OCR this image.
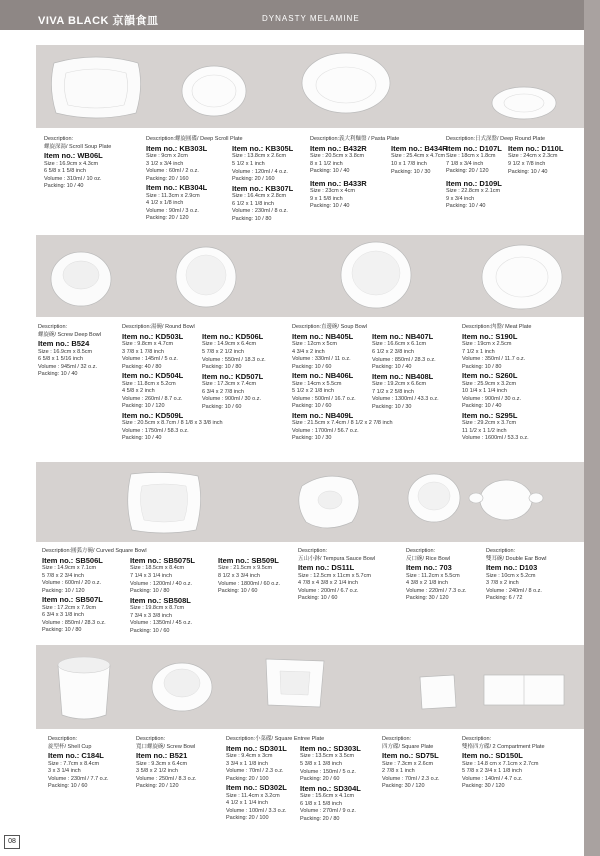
VIVA BLACK 京韻食皿	DYNASTY MELAMINE
Description:
螺旋深湯/ Scroll Soup Plate
Item no.: WB06L
Size : 16.9cm x 4.3cm
6 5/8 x 1 5/8 inch
Volume : 310ml / 10 oz.
Packing: 10 / 40
Description:螺旋圓碟/ Deep Scroll Plate
Item no.: KB303L
Size : 9cm x 2cm
3 1/2 x 3/4 inch
Volume : 60ml / 2 o.z.
Packing: 20 / 160
Item no.: KB304L
Size : 11.3cm x 2.9cm
4 1/2 x 1/8 inch
Volume : 90ml / 3 o.z.
Packing: 20 / 120
Item no.: KB305L
Size : 13.8cm x 2.6cm
5 1/2 x 1 inch
Volume : 120ml / 4 o.z.
Packing: 20 / 160
Item no.: KB307L
Size : 16.4cm x 2.8cm
6 1/2 x 1 1/8 inch
Volume : 230ml / 8 o.z.
Packing: 10 / 80
Description:義大利麵盤 / Pasta Plate
Item no.: B432R
Size : 20.5cm x 3.8cm
8 x 1 1/2 inch
Packing: 10 / 40
Item no.: B433R
Size : 23cm x 4cm
9 x 1 5/8 inch
Packing: 10 / 40
Item no.: B434R
Size : 25.4cm x 4.7cm
10 x 1 7/8 inch
Packing: 10 / 30
Description:日式深盤/ Deep Round Plate
Item no.: D107L
Size : 18cm x 1.8cm
7 1/8 x 3/4 inch
Packing: 20 / 120
Item no.: D109L
Size : 22.8cm x 2.1cm
9 x 3/4 inch
Packing: 10 / 40
Item no.: D110L
Size : 24cm x 2.3cm
9 1/2 x 7/8 inch
Packing: 10 / 40
Description:
螺旋碗/ Screw Deep Bowl
Item no.: B524
Size : 16.9cm x 8.5cm
6 5/8 x 1 5/16 inch
Volume : 945ml / 32 o.z.
Packing: 10 / 40
Description:湯碗/ Round Bowl
Item no.: KD503L
Size : 9.8cm x 4.7cm
3 7/8 x 1 7/8 inch
Volume : 145ml / 5 o.z.
Packing: 40 / 80
Item no.: KD504L
Size : 11.8cm x 5.2cm
4 5/8 x 2 inch
Volume : 260ml / 8.7 o.z.
Packing: 10 / 120
Item no.: KD509L
Size : 20.5cm x 8.7cm / 8 1/8 x 3 3/8 inch
Volume : 1750ml / 58.3 o.z.
Packing: 10 / 40
Item no.: KD506L
Size : 14.9cm x 6.4cm
5 7/8 x 2 1/2 inch
Volume : 550ml / 18.3 o.z.
Packing: 10 / 80
Item no.: KD507L
Size : 17.3cm x 7.4cm
6 3/4 x 2 7/8 inch
Volume : 900ml / 30 o.z.
Packing: 10 / 60
Description:直邊碗/ Soup Bowl
Item no.: NB405L
Size : 12cm x 5cm
4 3/4 x 2 inch
Volume : 330ml / 11 o.z.
Packing: 10 / 60
Item no.: NB406L
Size : 14cm x 5.5cm
5 1/2 x 2 1/8 inch
Volume : 500ml / 16.7 o.z.
Packing: 10 / 60
Item no.: NB409L
Size : 21.5cm x 7.4cm / 8 1/2 x 2 7/8 inch
Volume : 1700ml / 56.7 o.z.
Packing: 10 / 30
Item no.: NB407L
Size : 16.6cm x 6.1cm
6 1/2 x 2 3/8 inch
Volume : 850ml / 28.3 o.z.
Packing: 10 / 40
Item no.: NB408L
Size : 19.2cm x 6.6cm
7 1/2 x 2 5/8 inch
Volume : 1300ml / 43.3 o.z.
Packing: 10 / 30
Description:肉盤/ Meat Plate
Item no.: S190L
Size : 19cm x 2.5cm
7 1/2 x 1 inch
Volume : 350ml / 11.7 o.z.
Packing: 10 / 80
Item no.: S260L
Size : 25.9cm x 3.2cm
10 1/4 x 1 1/4 inch
Volume : 900ml / 30 o.z.
Packing: 10 / 40
Item no.: S295L
Size : 29.2cm x 3.7cm
11 1/2 x 1 1/2 inch
Volume : 1600ml / 53.3 o.z.
Description:圓弧方碗/ Curved Square Bowl
Item no.: SB506L
Size : 14.9cm x 7.1cm
5 7/8 x 2 3/4 inch
Volume : 600ml / 20 o.z.
Packing: 10 / 120
Item no.: SB507L
Size : 17.2cm x 7.9cm
6 3/4 x 3 1/8 inch
Volume : 850ml / 28.3 o.z.
Packing: 10 / 80
Item no.: SB5075L
Size : 18.5cm x 8.4cm
7 1/4 x 3 1/4 inch
Volume : 1200ml / 40 o.z.
Packing: 10 / 80
Item no.: SB508L
Size : 19.8cm x 8.7cm
7 3/4 x 3 3/8 inch
Volume : 1350ml / 45 o.z.
Packing: 10 / 60
Item no.: SB509L
Size : 21.5cm x 9.5cm
8 1/2 x 3 3/4 inch
Volume : 1800ml / 60 o.z.
Packing: 10 / 60
Description:
五山小鉢/ Tempura Sauce Bowl
Item no.: DS11L
Size : 12.5cm x 11cm x 5.7cm
4 7/8 x 4 3/8 x 2 1/4 inch
Volume : 200ml / 6.7 o.z.
Packing: 10 / 60
Description:
反口碗/ Rice Bowl
Item no.: 703
Size : 11.2cm x 5.5cm
4 3/8 x 2 1/8 inch
Volume : 220ml / 7.3 o.z.
Packing: 30 / 120
Description:
雙耳碗/ Double Ear Bowl
Item no.: D103
Size : 10cm x 5.2cm
3 7/8 x 2 inch
Volume : 240ml / 8 o.z.
Packing: 6 / 72
Description:
旋型杯/ Shell Cup
Item no.: C184L
Size : 7.7cm x 8.4cm
3 x 3 1/4 inch
Volume : 230ml / 7.7 o.z.
Packing: 10 / 60
Description:
寬口螺旋碗/ Screw Bowl
Item no.: B521
Size : 9.3cm x 6.4cm
3 5/8 x 2 1/2 inch
Volume : 250ml / 8.3 o.z.
Packing: 20 / 120
Description:小菜碟/ Square Entree Plate
Item no.: SD301L
Size : 9.4cm x 3cm
3 3/4 x 1 1/8 inch
Volume : 70ml / 2.3 o.z.
Packing: 20 / 100
Item no.: SD302L
Size : 11.4cm x 3.2cm
4 1/2 x 1 1/4 inch
Volume : 100ml / 3.3 o.z.
Packing: 20 / 100
Item no.: SD303L
Size : 13.5cm x 3.5cm
5 3/8 x 1 3/8 inch
Volume : 150ml / 5 o.z.
Packing: 20 / 60
Item no.: SD304L
Size : 15.6cm x 4.1cm
6 1/8 x 1 5/8 inch
Volume : 270ml / 9 o.z.
Packing: 20 / 80
Description:
四方碟/ Square Plate
Item no.: SD75L
Size : 7.3cm x 2.6cm
2 7/8 x 1 inch
Volume : 70ml / 2.3 o.z.
Packing: 30 / 120
Description:
雙格四方碟/ 2 Compartment Plate
Item no.: SD150L
Size : 14.8 cm x 7.1cm x 2.7cm
5 7/8 x 2 3/4 x 1 1/8 inch
Volume : 140ml / 4.7 o.z.
Packing: 30 / 120
08
